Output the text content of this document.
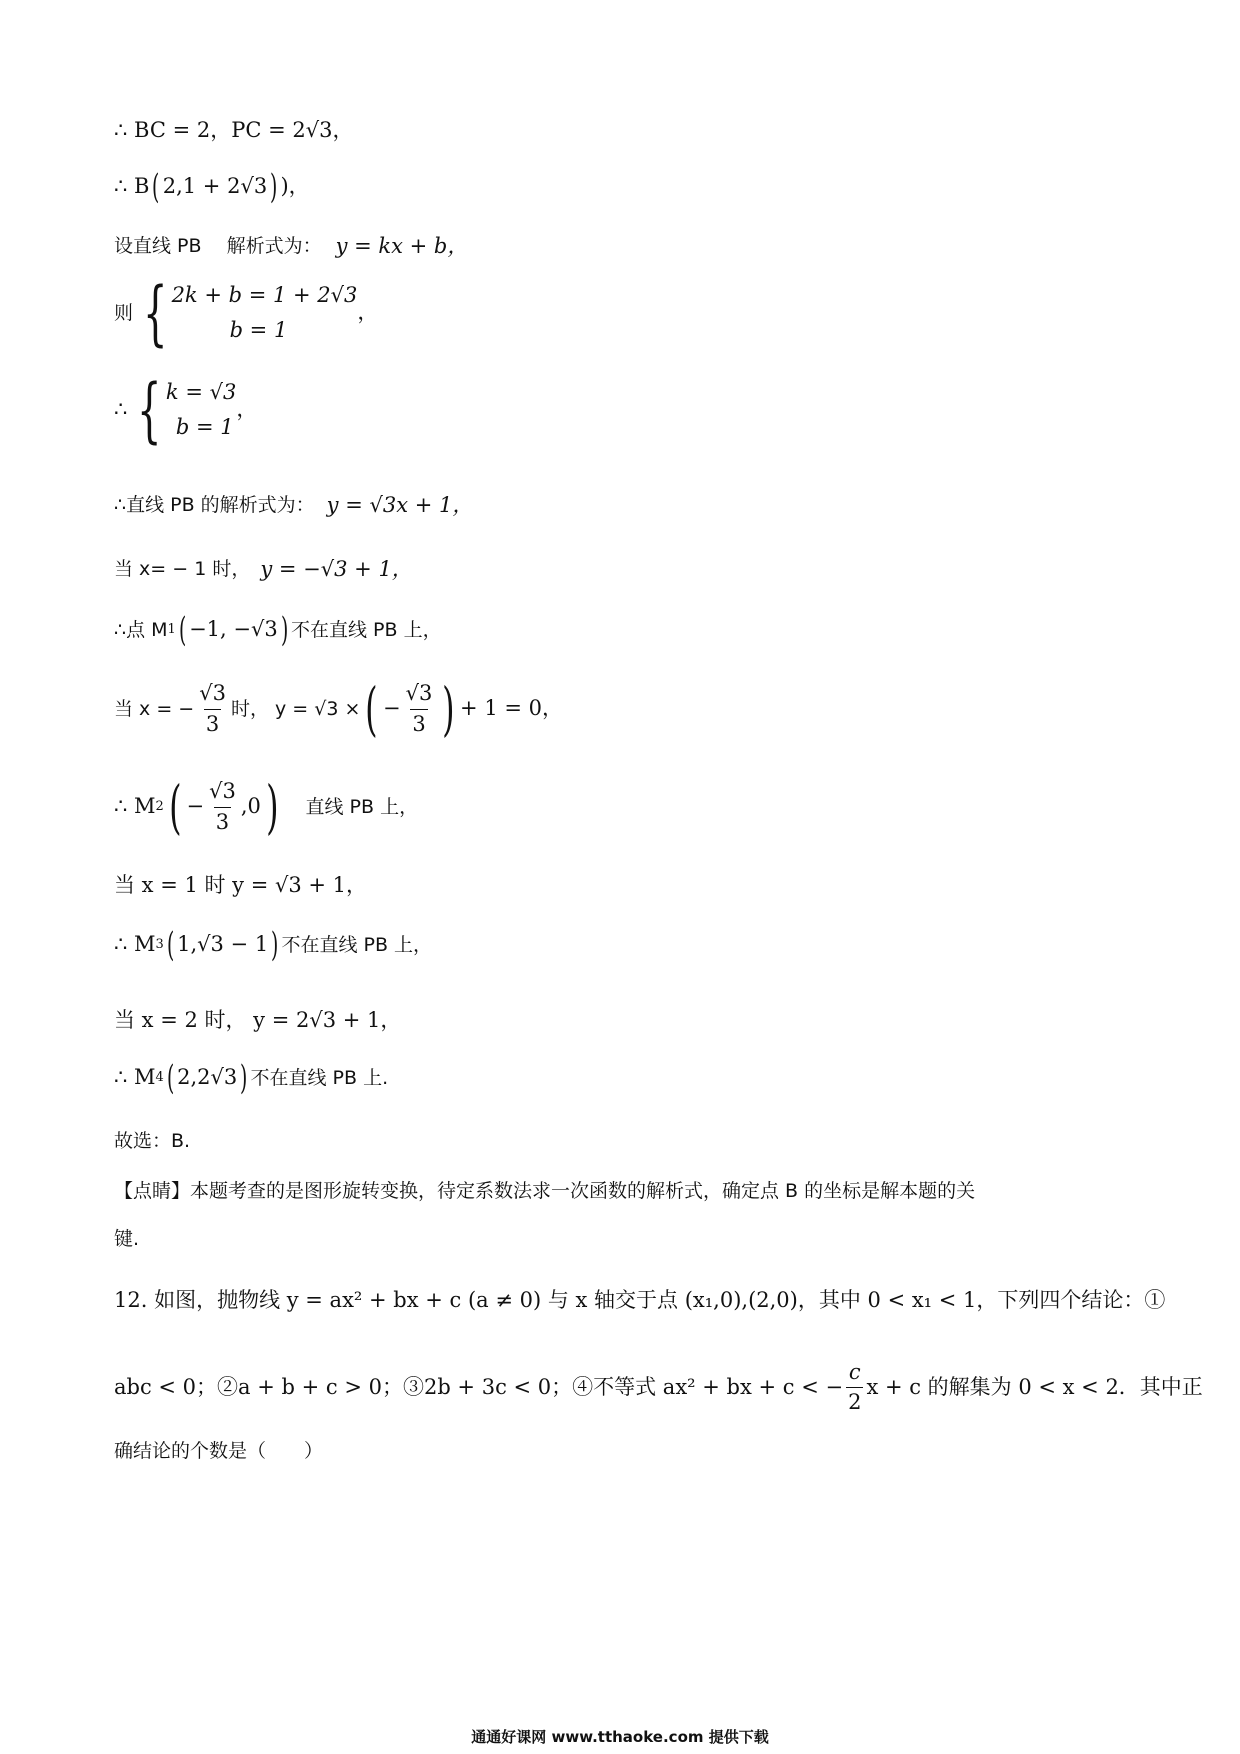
∴ BC = 2，PC = 2√3，
∴ B ( 2,1 + 2√3 ) )，
设直线 PB 　解析式为： y = kx + b，
则 { 2k + b = 1 + 2√3
b = 1
，
∴ { k = √3
b = 1
，
∴直线 PB 的解析式为： y = √3x + 1，
当 x= − 1 时， y = −√3 + 1，
∴点 M 1 ( −1, −√3 ) 不在直线 PB 上，
当 x = − $\frac{√3}{3}$ 时， y = √3 × ( − $\frac{√3}{3}$ ) + 1 = 0，
∴ M 2 ( − $\frac{√3}{3} ,0$ ) 直线 PB 上，
当 x = 1 时 y = √3 + 1，
∴ M 3 ( 1,√3 − 1 ) 不在直线 PB 上，
当 x = 2 时， y = 2√3 + 1，
∴ M 4 ( 2,2√3 ) 不在直线 PB 上.
故选：B.
【点睛】本题考查的是图形旋转变换，待定系数法求一次函数的解析式，确定点 B 的坐标是解本题的关
键.
12. 如图，抛物线 y = ax² + bx + c (a ≠ 0) 与 x 轴交于点 (x₁,0),(2,0)，其中 0 < x₁ < 1，下列四个结论：①
abc < 0；②a + b + c > 0；③2b + 3c < 0；④不等式 ax² + bx + c < − $\frac{c}{2}$ x + c 的解集为 0 < x < 2．其中正
确结论的个数是（　　）
通通好课网 www.tthaoke.com 提供下载
